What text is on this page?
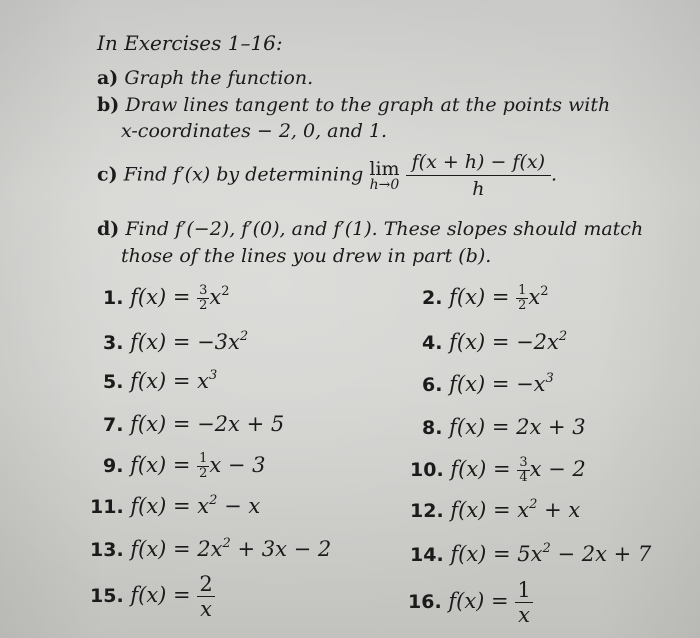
In Exercises 1–16:
a) Graph the function.
b) Draw lines tangent to the graph at the points with
x-coordinates − 2, 0, and 1.
c) Find f′(x) by determining lim
h→0
$\frac{f(x + h) - f(x)}{h}$ .
d) Find f′(−2), f′(0), and f′(1). These slopes should match
those of the lines you drew in part (b).
1. $f(x) = \frac{3}{2} x^2$	2. $f(x) = \frac{1}{2} x^2$
3. $f(x) = -3x^2$	4. $f(x) = -2x^2$
5. $f(x) = x^3$	6. $f(x) = -x^3$
7. f(x) = −2x + 5	8. f(x) = 2x + 3
9. $f(x) = \frac{1}{2}$ x − 3	10. $f(x) = \frac{3}{4}$ x − 2
11. $f(x) = x^2 - x$	12. $f(x) = x^2 + x$
13. $f(x) = 2x^2 + 3x - 2$	14. $f(x) = 5x^2 - 2x + 7$
15. $f(x) = \frac{2}{x}$	16. $f(x) = \frac{1}{x}$
